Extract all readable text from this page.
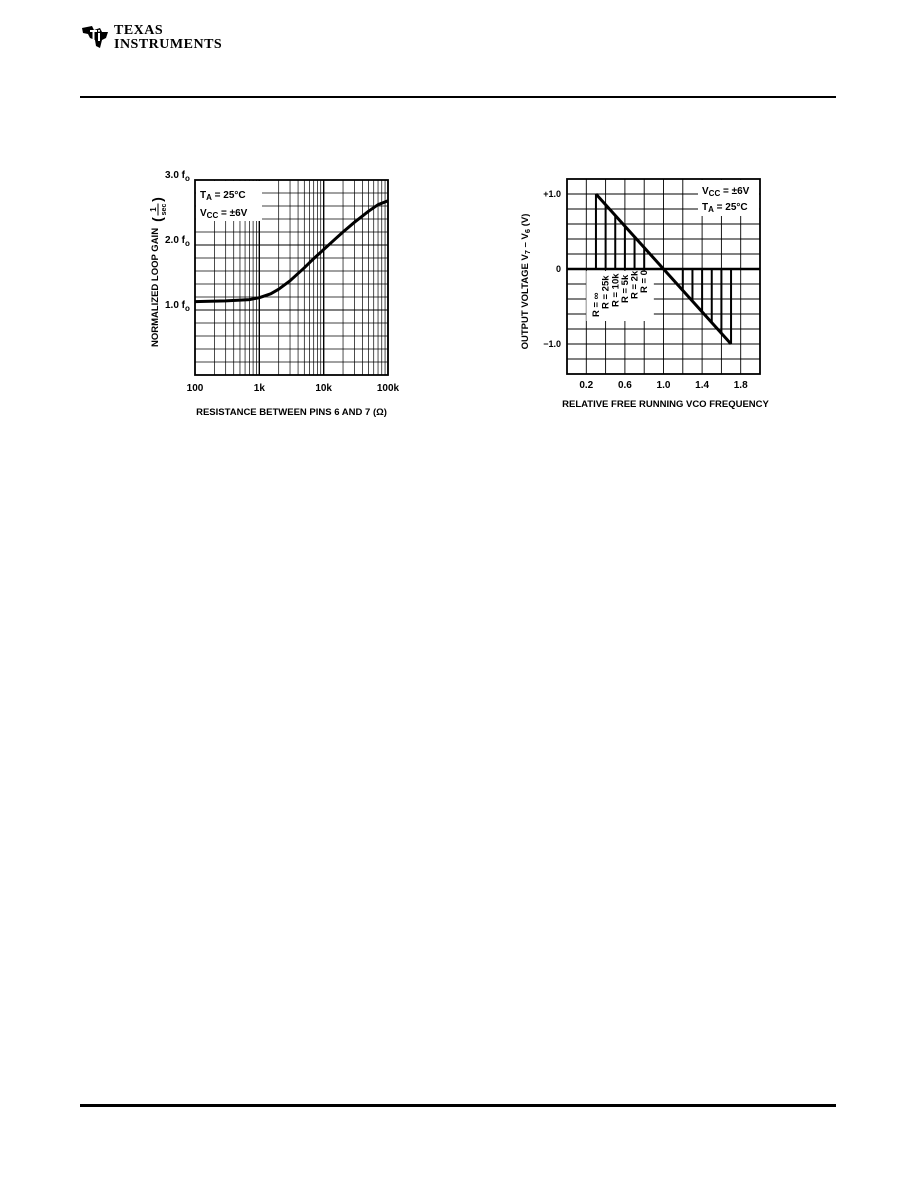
TEXAS
INSTRUMENTS
$T_A = 25^\circ C$
$V_{CC} = \pm 6V$
1.0 $f_o$
2.0 $f_o$
3.0 $f_o$
100	1k	10k	100k
RESISTANCE BETWEEN PINS 6 AND 7 (Ω)
NORMALIZED LOOP GAIN
1 sec
(
)
$V_{CC} = \pm 6V$
$T_A = 25^\circ C$
R = ∞
R = 25k
R = 10k
R = 5k
R = 2k
R = 0
+1.0
0
−1.0
0.2 0.6 1.0 1.4 1.8
RELATIVE FREE RUNNING VCO FREQUENCY
OUTPUT VOLTAGE $V_7 - V_6$ (V)
